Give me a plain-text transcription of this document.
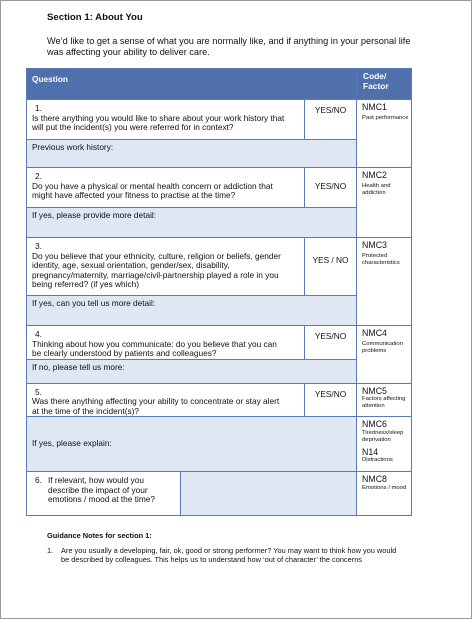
Section 1: About You
We’d like to get a sense of what you are normally like, and if anything in your personal life was affecting your ability to deliver care.
Question			Code/
Factor
1.Is there anything you would like to share about your work history that will put the incident(s) you were referred for in context?		YES/NO	NMC1
Past performance

Previous work history:			
2.Do you have a physical or mental health concern or addiction that might have affected your fitness to practise at the time?		YES/NO	NMC2
Health and addiction

If yes, please provide more detail:			
3.Do you believe that your ethnicity, culture, religion or beliefs, gender identity, age, sexual orientation, gender/sex, disability, pregnancy/maternity, marriage/civil-partnership played a role in you being referred? (if yes which)		YES / NO	NMC3
Protected characteristics

If yes, can you tell us more detail:			
4.Thinking about how you communicate: do you believe that you can be clearly understood by patients and colleagues?		YES/NO	NMC4
Communication problems

If no, please tell us more:			
5.Was there anything affecting your ability to concentrate or stay alert at the time of the incident(s)?		YES/NO	NMC5
Factors affecting attention

If yes, please explain:			NMC6
Tiredness/sleep deprivation
N14
Distractions

6. If relevant, how would you describe the impact of your emotions / mood at the time?			NMC8
Emotions / mood
Guidance Notes for section 1:
1. Are you usually a developing, fair, ok, good or strong performer? You may want to think how you would be described by colleagues. This helps us to understand how ‘out of character’ the concerns
